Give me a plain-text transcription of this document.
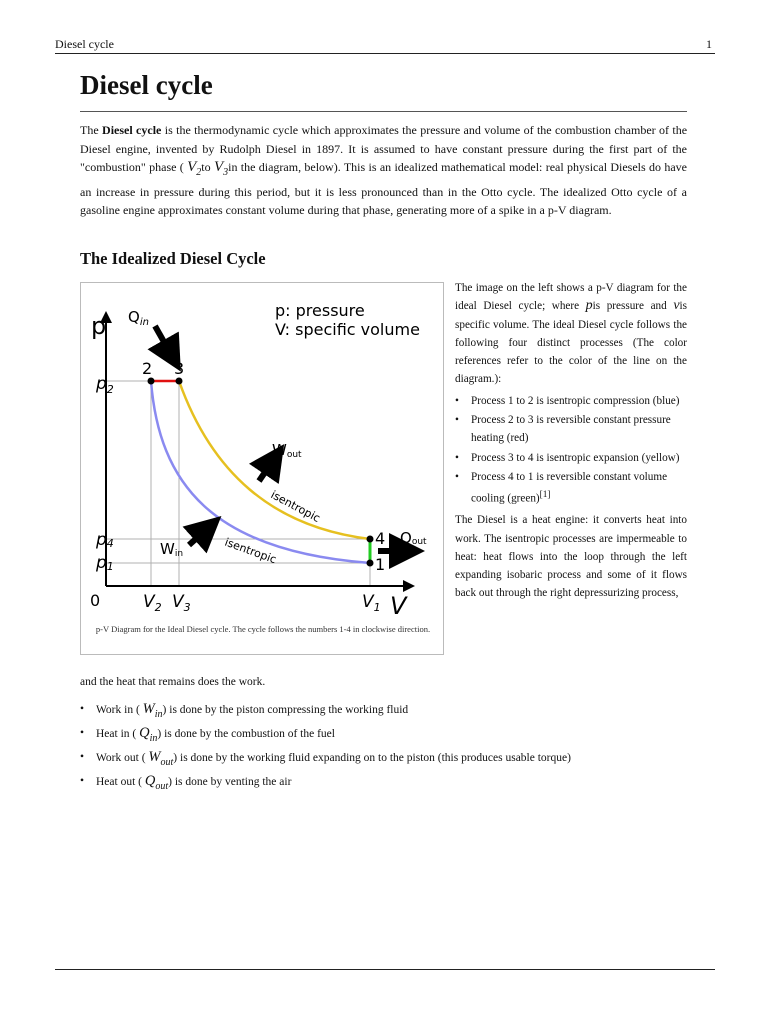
Diesel cycle	1
Diesel cycle

The Diesel cycle is the thermodynamic cycle which approximates the pressure and volume of the combustion chamber of the Diesel engine, invented by Rudolph Diesel in 1897. It is assumed to have constant pressure during the first part of the "combustion" phase ( $V_2to$ $V_3in$ the diagram, below). This is an idealized mathematical model: real physical Diesels do have an increase in pressure during this period, but it is less pronounced than in the Otto cycle. The idealized Otto cycle of a gasoline engine approximates constant volume during that phase, generating more of a spike in a p-V diagram.

The Idealized Diesel Cycle
p
V
p: pressure
V: specific volume
$Q_{in}$
2 3
4
1
$p_2$
p4
p1
0	$V_2$ $V_3$	$V_1$
Wout
Win
Qout
isentropic
isentropic
p-V Diagram for the Ideal Diesel cycle. The cycle follows the numbers 1-4 in clockwise direction.

The image on the left shows a p-V diagram for the ideal Diesel cycle; where pis pressure and vis specific volume. The ideal Diesel cycle follows the following four distinct processes (The color references refer to the color of the line on the diagram.):

• Process 1 to 2 is isentropic compression (blue)
• Process 2 to 3 is reversible constant pressure heating (red)
• Process 3 to 4 is isentropic expansion (yellow)
• Process 4 to 1 is reversible constant volume cooling (green)[1]

The Diesel is a heat engine: it converts heat into work. The isentropic processes are impermeable to heat: heat flows into the loop through the left expanding isobaric process and some of it flows back out through the right depressurizing process,

and the heat that remains does the work.

• Work in ( $W_{in}$) is done by the piston compressing the working fluid
• Heat in ( $Q_{in}$) is done by the combustion of the fuel
• Work out ( $W_{out}$) is done by the working fluid expanding on to the piston (this produces usable torque)
• Heat out ( $Q_{out}$) is done by venting the air
